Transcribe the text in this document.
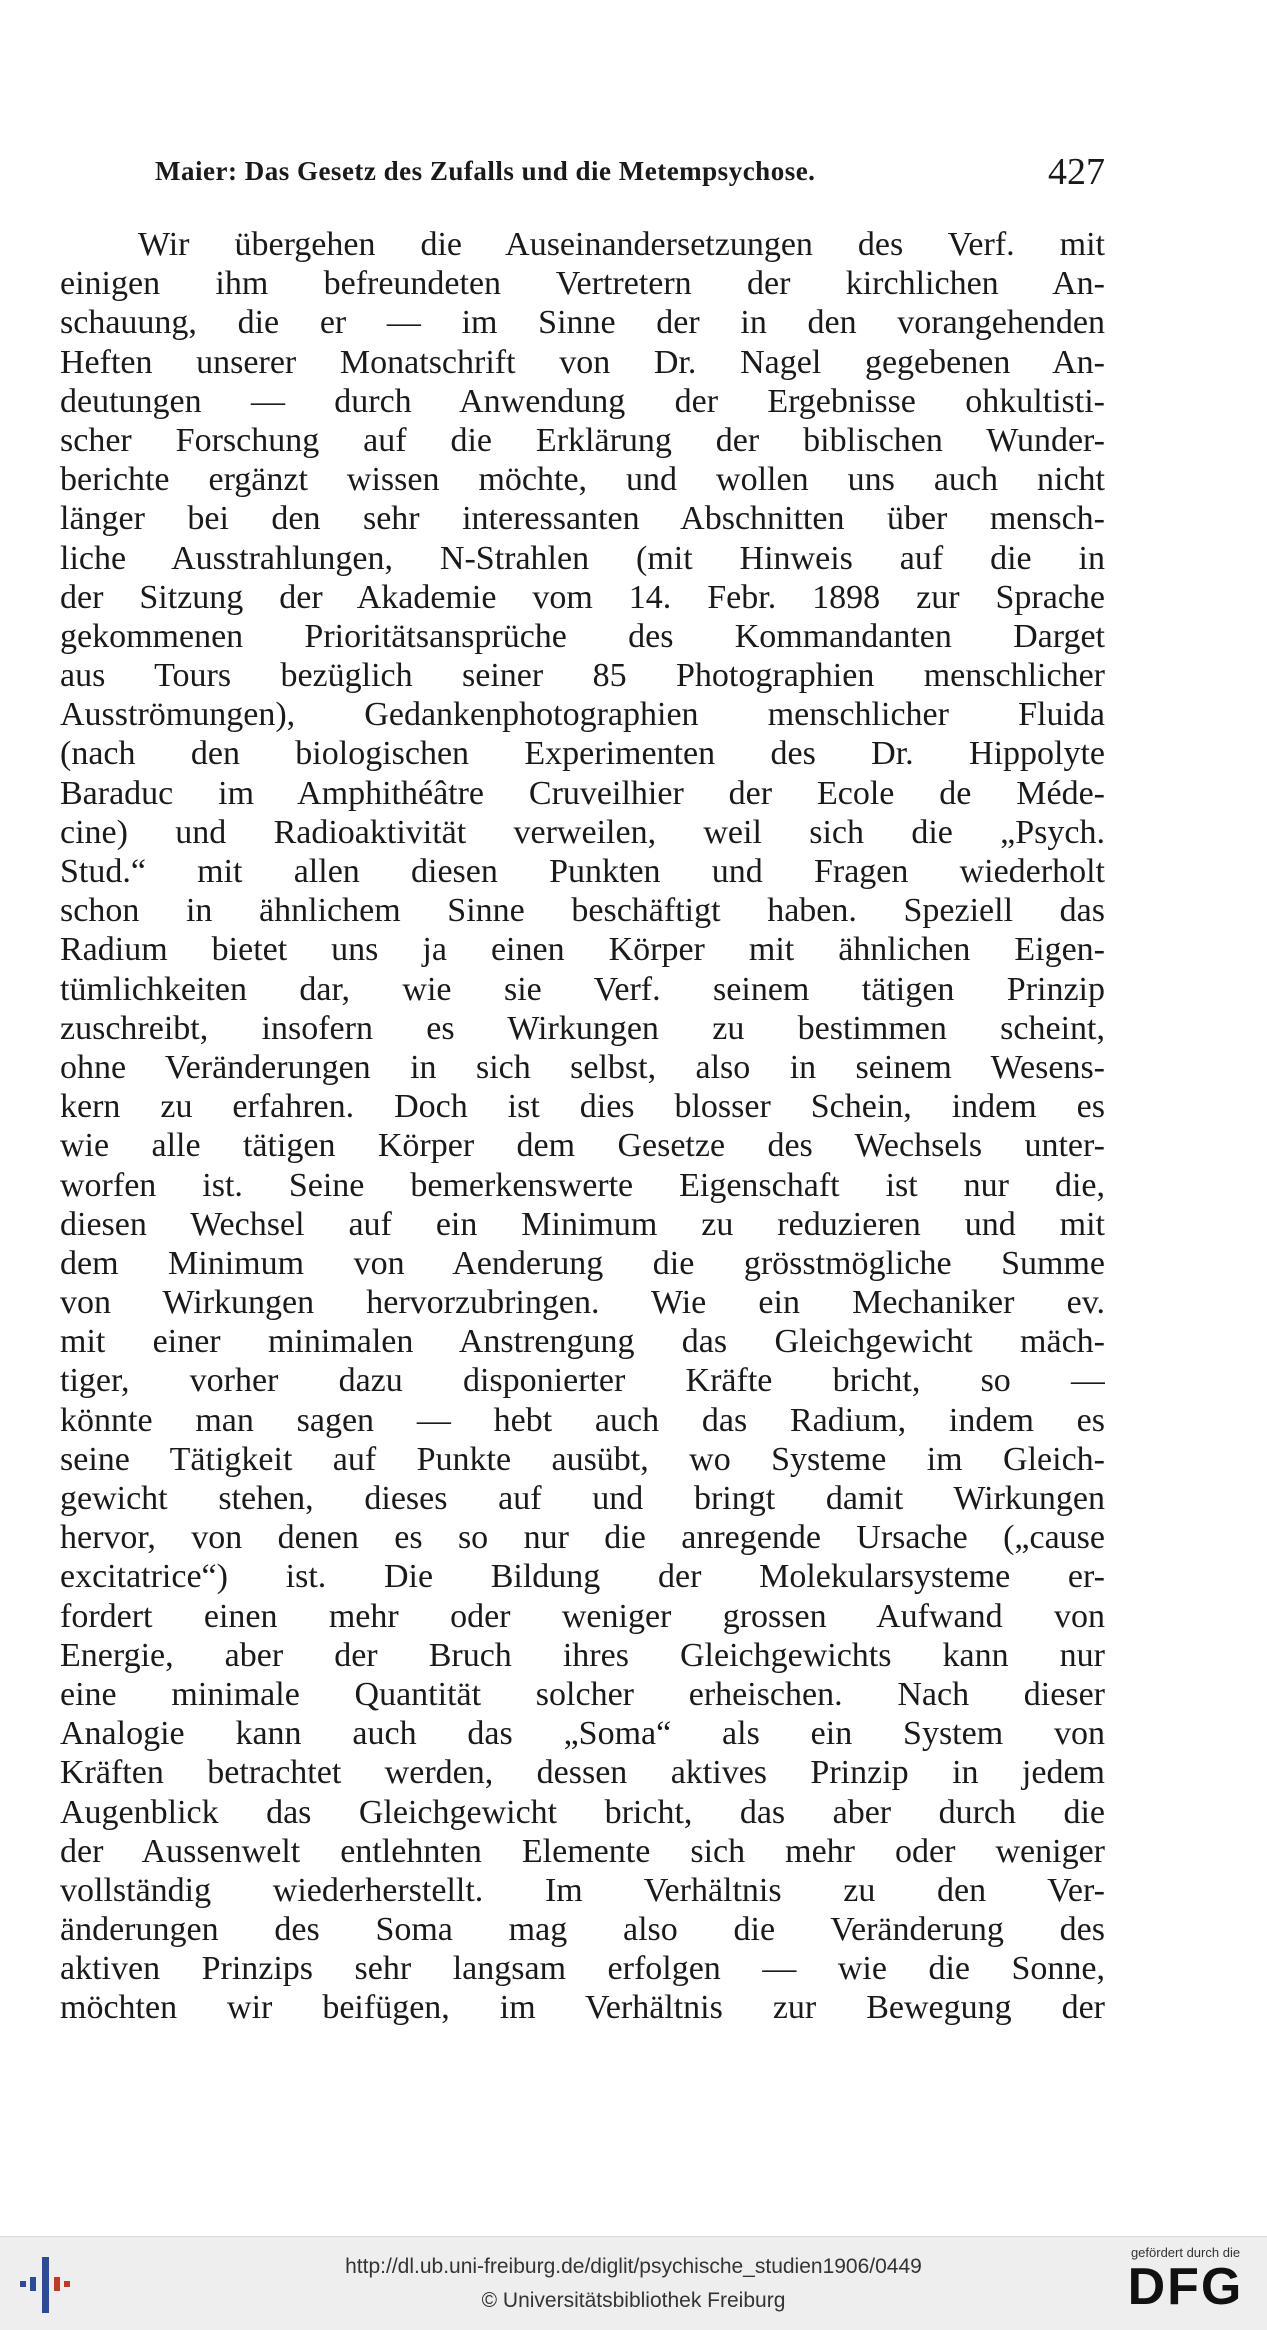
Maier: Das Gesetz des Zufalls und die Metempsychose.	427
Wir übergehen die Auseinandersetzungen des Verf. mit
einigen ihm befreundeten Vertretern der kirchlichen An-
schauung, die er — im Sinne der in den vorangehenden
Heften unserer Monatschrift von Dr. Nagel gegebenen An-
deutungen — durch Anwendung der Ergebnisse ohkultisti-
scher Forschung auf die Erklärung der biblischen Wunder-
berichte ergänzt wissen möchte, und wollen uns auch nicht
länger bei den sehr interessanten Abschnitten über mensch-
liche Ausstrahlungen, N-Strahlen (mit Hinweis auf die in
der Sitzung der Akademie vom 14. Febr. 1898 zur Sprache
gekommenen Prioritätsansprüche des Kommandanten Darget
aus Tours bezüglich seiner 85 Photographien menschlicher
Ausströmungen), Gedankenphotographien menschlicher Fluida
(nach den biologischen Experimenten des Dr. Hippolyte
Baraduc im Amphithéâtre Cruveilhier der Ecole de Méde-
cine) und Radioaktivität verweilen, weil sich die „Psych.
Stud.“ mit allen diesen Punkten und Fragen wiederholt
schon in ähnlichem Sinne beschäftigt haben. Speziell das
Radium bietet uns ja einen Körper mit ähnlichen Eigen-
tümlichkeiten dar, wie sie Verf. seinem tätigen Prinzip
zuschreibt, insofern es Wirkungen zu bestimmen scheint,
ohne Veränderungen in sich selbst, also in seinem Wesens-
kern zu erfahren. Doch ist dies blosser Schein, indem es
wie alle tätigen Körper dem Gesetze des Wechsels unter-
worfen ist. Seine bemerkenswerte Eigenschaft ist nur die,
diesen Wechsel auf ein Minimum zu reduzieren und mit
dem Minimum von Aenderung die grösstmögliche Summe
von Wirkungen hervorzubringen. Wie ein Mechaniker ev.
mit einer minimalen Anstrengung das Gleichgewicht mäch-
tiger, vorher dazu disponierter Kräfte bricht, so —
könnte man sagen — hebt auch das Radium, indem es
seine Tätigkeit auf Punkte ausübt, wo Systeme im Gleich-
gewicht stehen, dieses auf und bringt damit Wirkungen
hervor, von denen es so nur die anregende Ursache („cause
excitatrice“) ist. Die Bildung der Molekularsysteme er-
fordert einen mehr oder weniger grossen Aufwand von
Energie, aber der Bruch ihres Gleichgewichts kann nur
eine minimale Quantität solcher erheischen. Nach dieser
Analogie kann auch das „Soma“ als ein System von
Kräften betrachtet werden, dessen aktives Prinzip in jedem
Augenblick das Gleichgewicht bricht, das aber durch die
der Aussenwelt entlehnten Elemente sich mehr oder weniger
vollständig wiederherstellt. Im Verhältnis zu den Ver-
änderungen des Soma mag also die Veränderung des
aktiven Prinzips sehr langsam erfolgen — wie die Sonne,
möchten wir beifügen, im Verhältnis zur Bewegung der
http://dl.ub.uni-freiburg.de/diglit/psychische_studien1906/0449
© Universitätsbibliothek Freiburg
gefördert durch die
DFG
